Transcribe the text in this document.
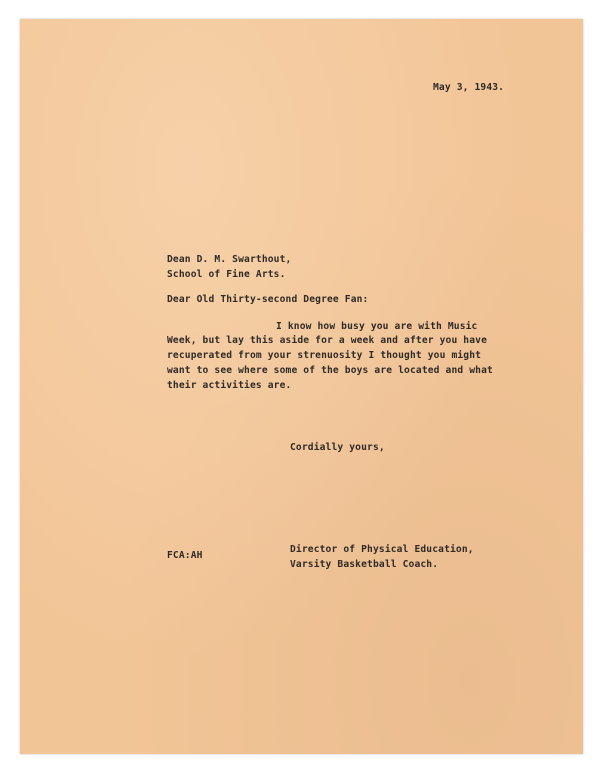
May 3, 1943.
Dean D. M. Swarthout,
School of Fine Arts.
Dear Old Thirty-second Degree Fan:
I know how busy you are with Music
Week, but lay this aside for a week and after you have
recuperated from your strenuosity I thought you might
want to see where some of the boys are located and what
their activities are.
Cordially yours,
FCA:AH
Director of Physical Education,
Varsity Basketball Coach.
